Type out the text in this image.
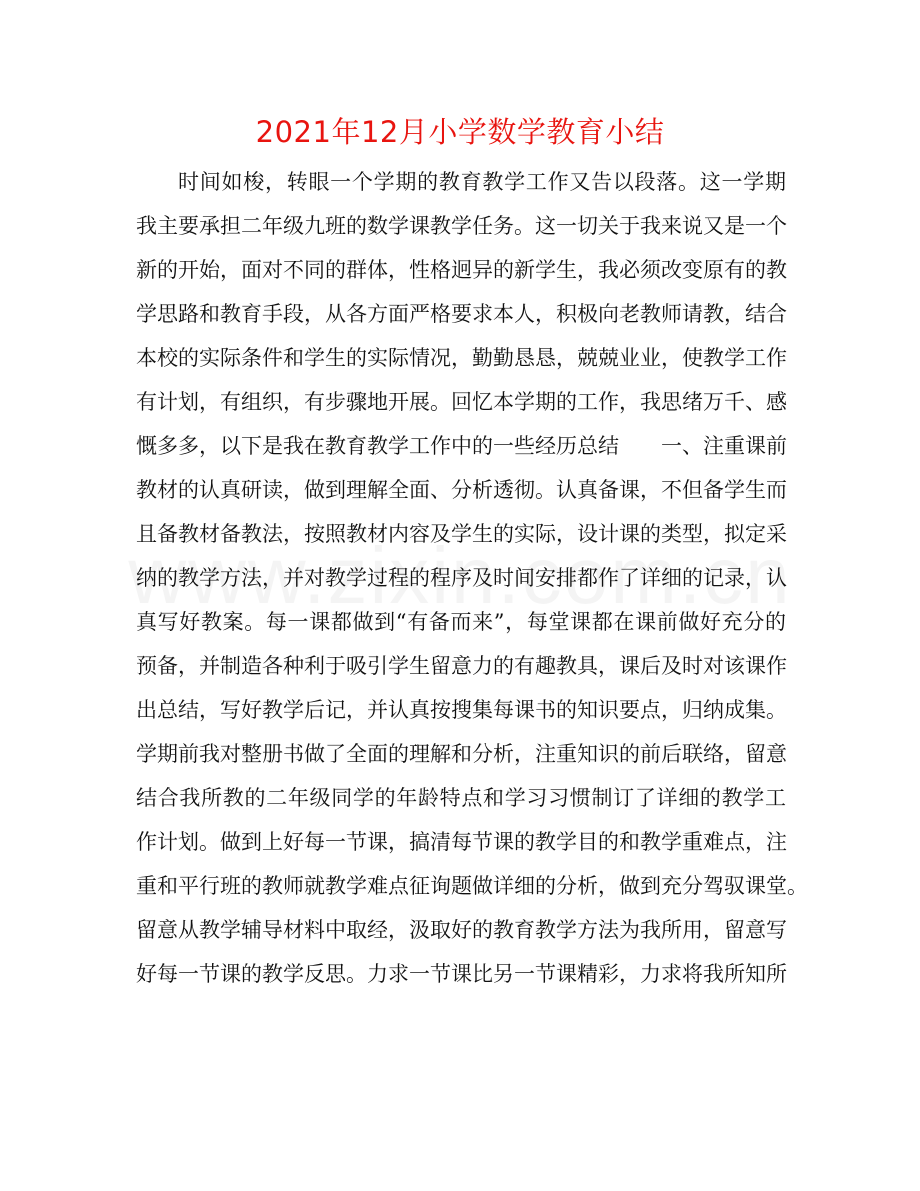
2021年12月小学数学教育小结
时间如梭，转眼一个学期的教育教学工作又告以段落。这一学期
我主要承担二年级九班的数学课教学任务。这一切关于我来说又是一个
新的开始，面对不同的群体，性格迥异的新学生，我必须改变原有的教
学思路和教育手段，从各方面严格要求本人，积极向老教师请教，结合
本校的实际条件和学生的实际情况，勤勤恳恳，兢兢业业，使教学工作
有计划，有组织，有步骤地开展。回忆本学期的工作，我思绪万千、感
慨多多，以下是我在教育教学工作中的一些经历总结　　一、注重课前
教材的认真研读，做到理解全面、分析透彻。认真备课，不但备学生而
且备教材备教法，按照教材内容及学生的实际，设计课的类型，拟定采
纳的教学方法，并对教学过程的程序及时间安排都作了详细的记录，认
真写好教案。每一课都做到“有备而来”，每堂课都在课前做好充分的
预备，并制造各种利于吸引学生留意力的有趣教具，课后及时对该课作
出总结，写好教学后记，并认真按搜集每课书的知识要点，归纳成集。
学期前我对整册书做了全面的理解和分析，注重知识的前后联络，留意
结合我所教的二年级同学的年龄特点和学习习惯制订了详细的教学工
作计划。做到上好每一节课，搞清每节课的教学目的和教学重难点，注
重和平行班的教师就教学难点征询题做详细的分析，做到充分驾驭课堂。
留意从教学辅导材料中取经，汲取好的教育教学方法为我所用，留意写
好每一节课的教学反思。力求一节课比另一节课精彩，力求将我所知所
